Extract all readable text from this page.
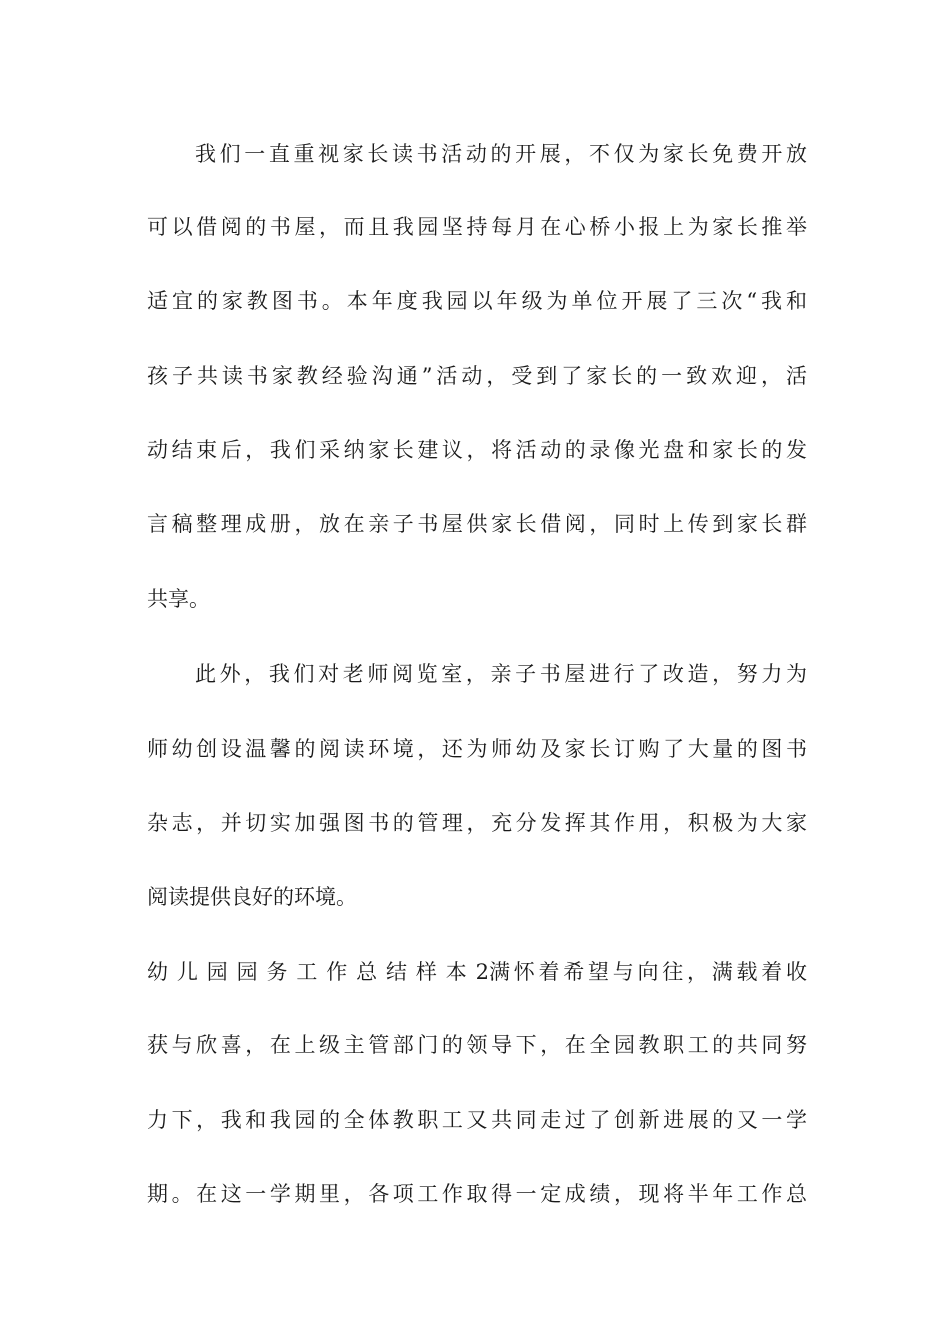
我们一直重视家长读书活动的开展，不仅为家长免费开放
可以借阅的书屋，而且我园坚持每月在心桥小报上为家长推举
适宜的家教图书。本年度我园以年级为单位开展了三次“我和
孩子共读书家教经验沟通”活动，受到了家长的一致欢迎，活
动结束后，我们采纳家长建议，将活动的录像光盘和家长的发
言稿整理成册，放在亲子书屋供家长借阅，同时上传到家长群
共享。
此外，我们对老师阅览室，亲子书屋进行了改造，努力为
师幼创设温馨的阅读环境，还为师幼及家长订购了大量的图书
杂志，并切实加强图书的管理，充分发挥其作用，积极为大家
阅读提供良好的环境。
幼儿园园务工作总结样本2满怀着希望与向往，满载着收
获与欣喜，在上级主管部门的领导下，在全园教职工的共同努
力下，我和我园的全体教职工又共同走过了创新进展的又一学
期。在这一学期里，各项工作取得一定成绩，现将半年工作总
